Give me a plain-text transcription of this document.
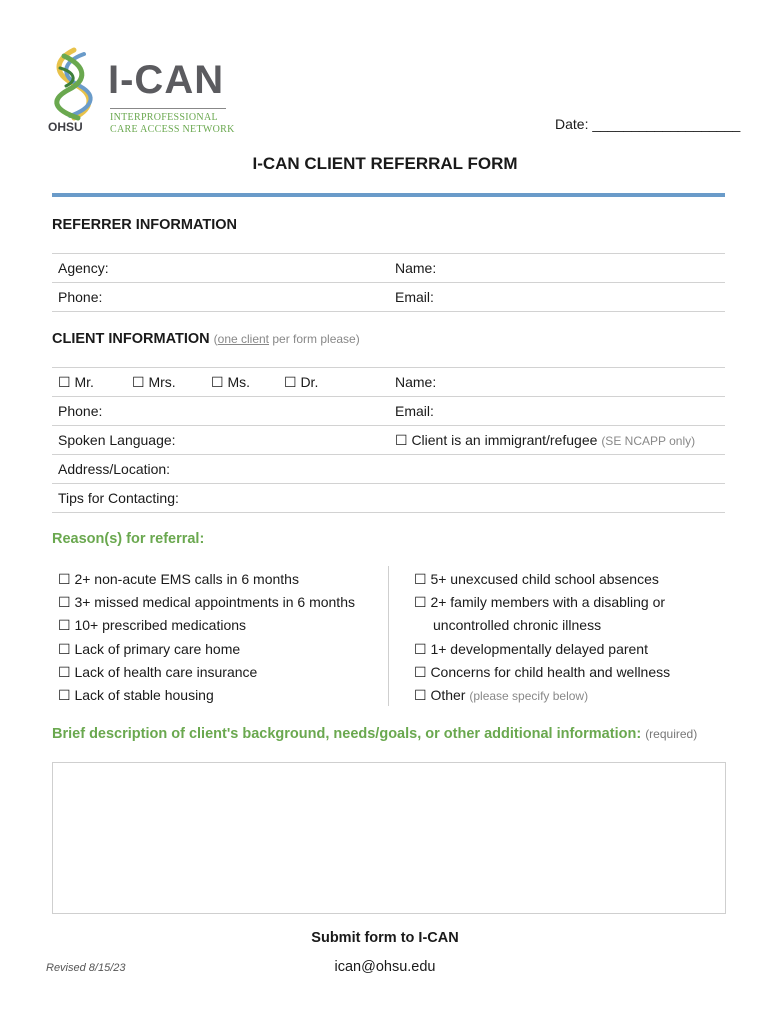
I-CAN
INTERPROFESSIONAL
CARE ACCESS NETWORK
OHSU	Date: ___________________
I-CAN CLIENT REFERRAL FORM
REFERRER INFORMATION
Agency:	Name:
Phone:	Email:
CLIENT INFORMATION (one client per form please)
☐ Mr.	☐ Mrs.	☐ Ms. ☐ Dr.	Name:
Phone:	Email:
Spoken Language:	☐ Client is an immigrant/refugee (SE NCAPP only)
Address/Location:
Tips for Contacting:
Reason(s) for referral:
☐ 2+ non-acute EMS calls in 6 months
☐ 3+ missed medical appointments in 6 months
☐ 10+ prescribed medications
☐ Lack of primary care home
☐ Lack of health care insurance
☐ Lack of stable housing
☐ 5+ unexcused child school absences
☐ 2+ family members with a disabling or
uncontrolled chronic illness
☐ 1+ developmentally delayed parent
☐ Concerns for child health and wellness
☐ Other (please specify below)
Brief description of client's background, needs/goals, or other additional information: (required)
Submit form to I-CAN
ican@ohsu.edu
Revised 8/15/23
